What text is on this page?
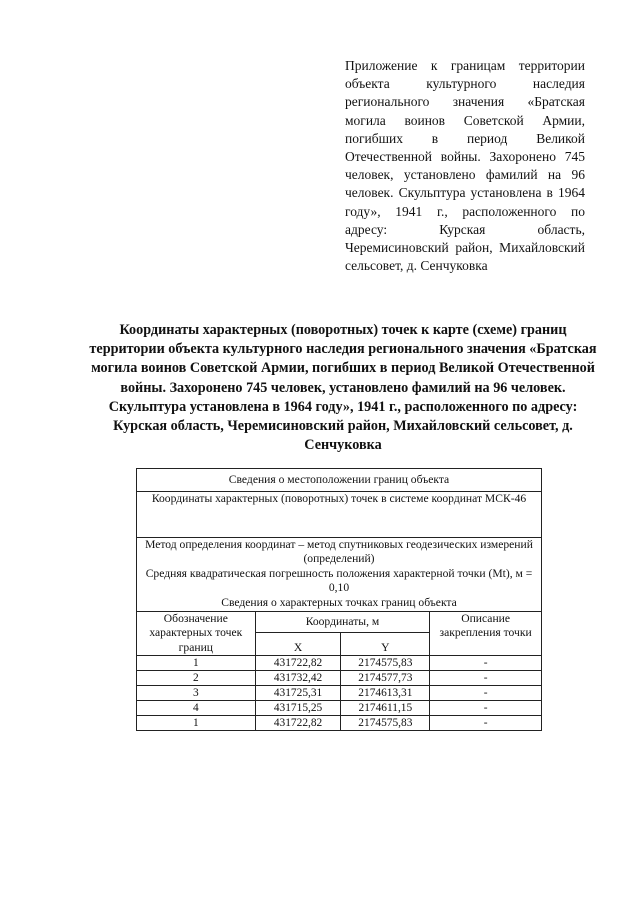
Приложение к границам территории объекта культурного наследия регионального значения «Братская могила воинов Советской Армии, погибших в период Великой Отечественной войны. Захоронено 745 человек, установлено фамилий на 96 человек. Скульптура установлена в 1964 году», 1941 г., расположенного по адресу: Курская область, Черемисиновский район, Михайловский сельсовет, д. Сенчуковка
Координаты характерных (поворотных) точек к карте (схеме) границ территории объекта культурного наследия регионального значения «Братская могила воинов Советской Армии, погибших в период Великой Отечественной войны. Захоронено 745 человек, установлено фамилий на 96 человек. Скульптура установлена в 1964 году», 1941 г., расположенного по адресу: Курская область, Черемисиновский район, Михайловский сельсовет, д. Сенчуковка
Сведения о местоположении границ объекта			
Координаты характерных (поворотных) точек в системе координат МСК-46			

Метод определения координат – метод спутниковых геодезических измерений (определений)
Средняя квадратическая погрешность положения характерной точки (Mt), м = 0,10
Сведения о характерных точках границ объекта			

Обозначение характерных точек границ	Координаты, м		Описание закрепления точки
	X	Y	
1	431722,82	2174575,83	-
2	431732,42	2174577,73	-
3	431725,31	2174613,31	-
4	431715,25	2174611,15	-
1	431722,82	2174575,83	-
